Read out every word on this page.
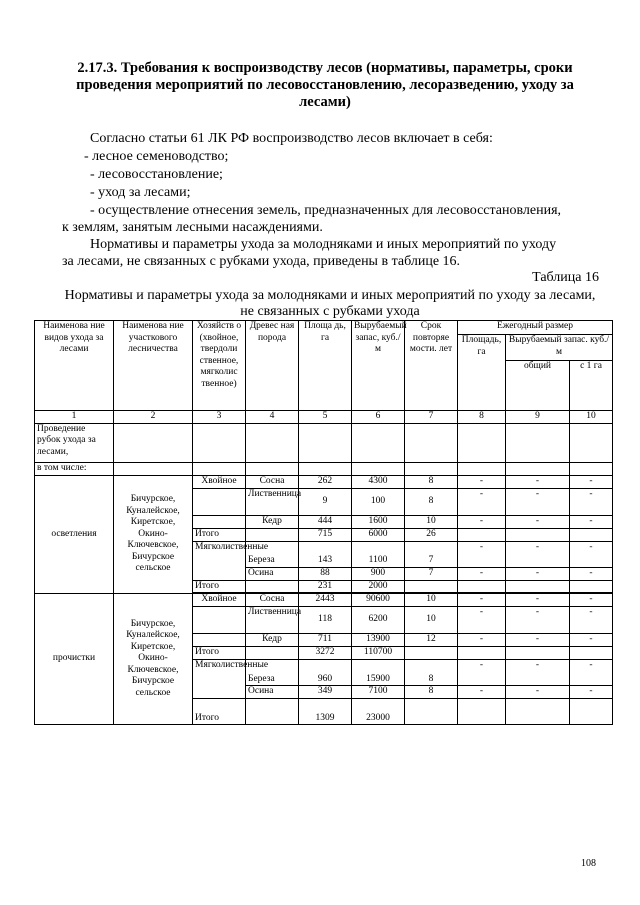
2.17.3. Требования к воспроизводству лесов (нормативы, параметры, сроки проведения мероприятий по лесовосстановлению, лесоразведению, уходу за лесами)
Согласно статьи 61 ЛК РФ воспроизводство лесов включает в себя:
- лесное семеноводство;
- лесовосстановление;
- уход за лесами;
- осуществление отнесения земель, предназначенных для лесовосстановления,
к землям, занятым лесными насаждениями.
Нормативы и параметры ухода за молодняками и иных мероприятий по уходу
за лесами, не связанных с рубками ухода, приведены в таблице 16.
Таблица 16
Нормативы и параметры ухода за молодняками и иных мероприятий по уходу за лесами, не связанных с рубками ухода
Наименова ние видов ухода за лесами	Наименова ние участкового лесничества	Хозяйств о (хвойное, твердоли ственное, мягколис твенное)	Древес ная порода	Площа дь, га	Вырубаемый запас, куб./м	Срок повторяе мости. лет	Ежегодный размер		
							Площадь, га	Вырубаемый запас. куб./м	
								общий	с 1 га
1	2	3	4	5	6	7	8	9	10
Проведение рубок ухода за лесами,									
в том числе:									
осветления	Бичурское, Куналейское, Киретское, Окино-Ключевское, Бичурское сельское	Хвойное	Сосна	262	4300	8	-	-	-
			Лиственница	9	100	8	-	-	-
			Кедр	444	1600	10	-	-	-
		Итого		715	6000	26			
		Мягколиственные	Береза	143	1100	7	-	-	-
			Осина	88	900	7	-	-	-
		Итого		231	2000				

прочистки	Бичурское, Куналейское, Киретское, Окино-Ключевское, Бичурское сельское	Хвойное	Сосна	2443	90600	10	-	-	-
			Лиственница	118	6200	10	-	-	-
			Кедр	711	13900	12	-	-	-
		Итого		3272	110700				
		Мягколиственные	Береза	960	15900	8	-	-	-
			Осина	349	7100	8	-	-	-
		Итого		1309	23000				
108
